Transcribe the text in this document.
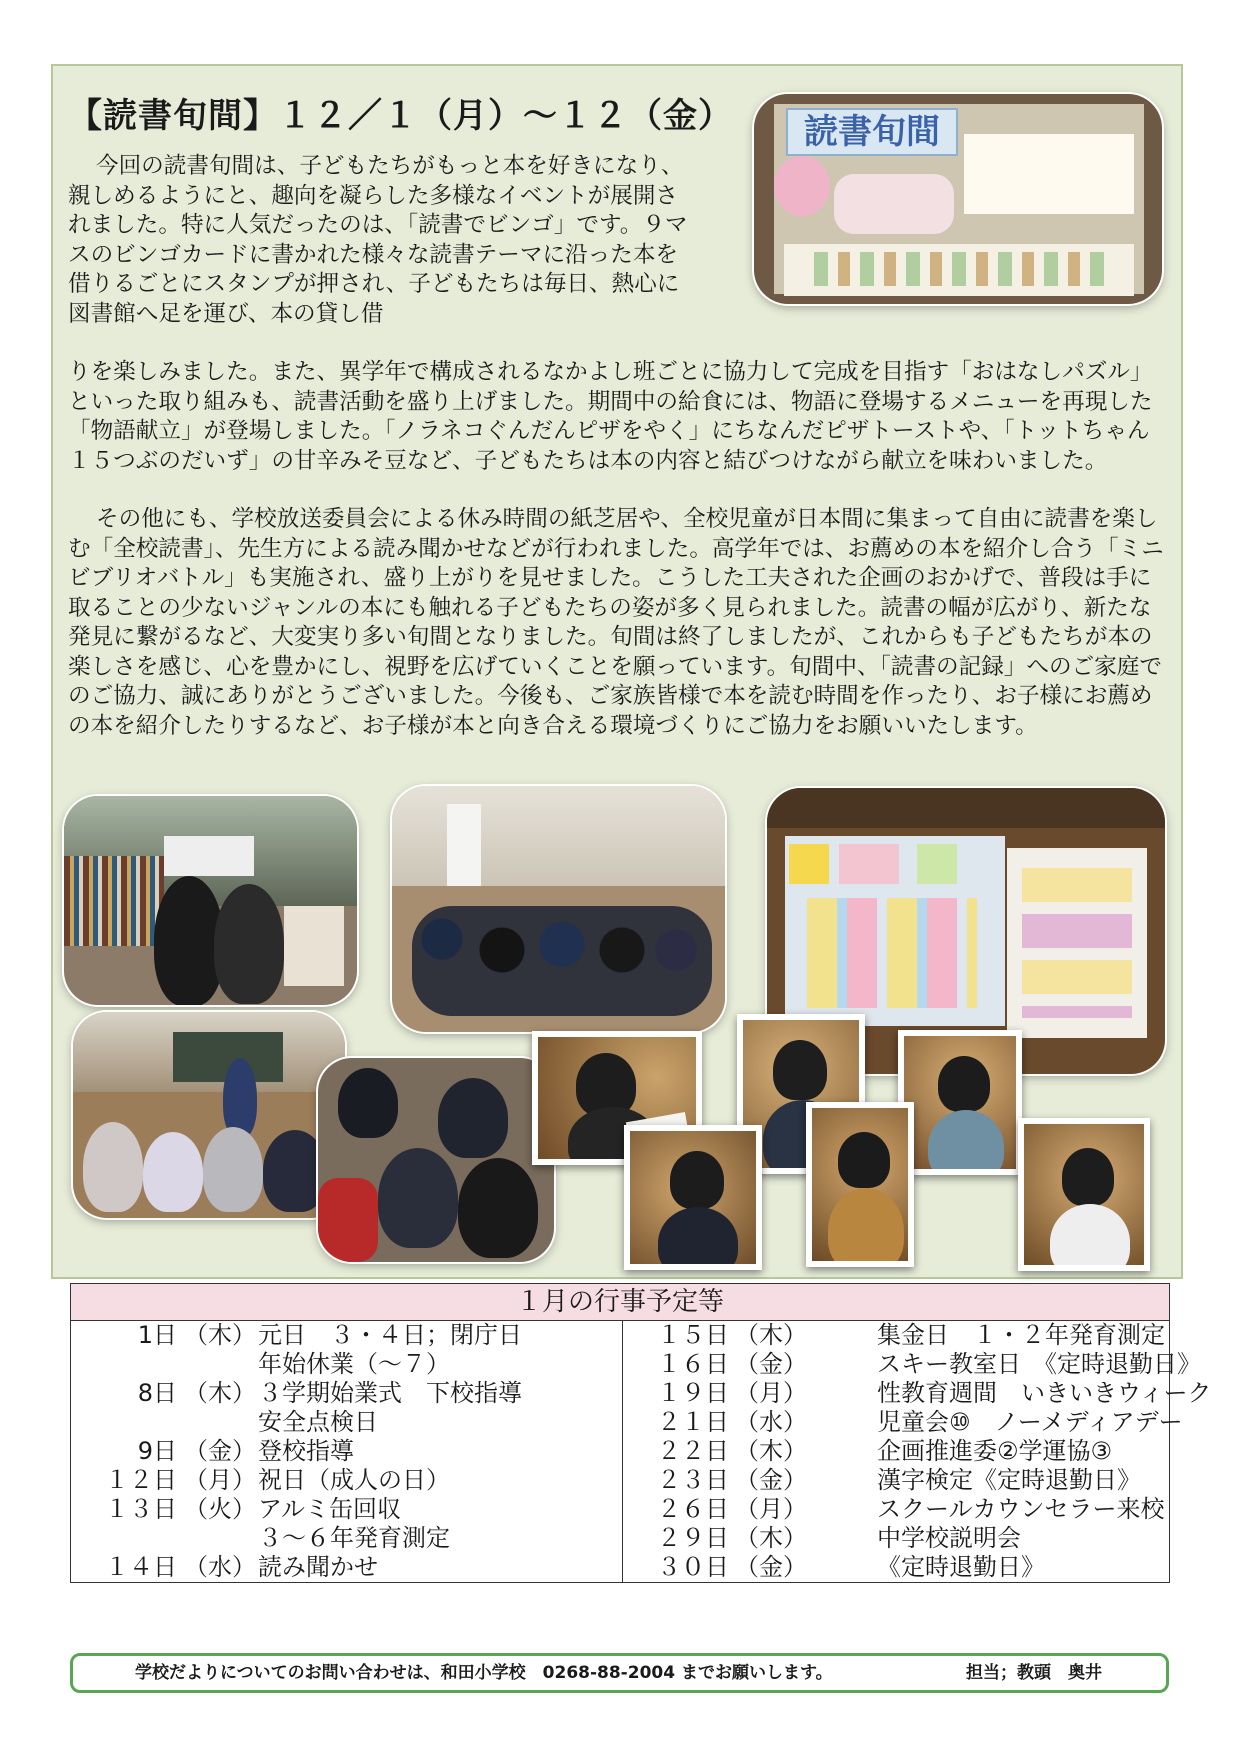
【読書旬間】１２／１（月）～１２（金）

今回の読書旬間は、子どもたちがもっと本を好きになり、親しめるようにと、趣向を凝らした多様なイベントが展開されました。特に人気だったのは、「読書でビンゴ」です。９マスのビンゴカードに書かれた様々な読書テーマに沿った本を借りるごとにスタンプが押され、子どもたちは毎日、熱心に図書館へ足を運び、本の貸し借

りを楽しみました。また、異学年で構成されるなかよし班ごとに協力して完成を目指す「おはなしパズル」といった取り組みも、読書活動を盛り上げました。期間中の給食には、物語に登場するメニューを再現した「物語献立」が登場しました。「ノラネコぐんだんピザをやく」にちなんだピザトーストや、「トットちゃん１５つぶのだいず」の甘辛みそ豆など、子どもたちは本の内容と結びつけながら献立を味わいました。

その他にも、学校放送委員会による休み時間の紙芝居や、全校児童が日本間に集まって自由に読書を楽しむ「全校読書」、先生方による読み聞かせなどが行われました。高学年では、お薦めの本を紹介し合う「ミニビブリオバトル」も実施され、盛り上がりを見せました。こうした工夫された企画のおかげで、普段は手に取ることの少ないジャンルの本にも触れる子どもたちの姿が多く見られました。読書の幅が広がり、新たな発見に繋がるなど、大変実り多い旬間となりました。旬間は終了しましたが、これからも子どもたちが本の楽しさを感じ、心を豊かにし、視野を広げていくことを願っています。旬間中、「読書の記録」へのご家庭でのご協力、誠にありがとうございました。今後も、ご家族皆様で本を読む時間を作ったり、お子様にお薦めの本を紹介したりするなど、お子様が本と向き合える環境づくりにご協力をお願いいたします。

読書旬間
１月の行事予定等
1日 （木） 元日　３・４日；閉庁日
年始休業（～７）
8日 （木） ３学期始業式　下校指導
安全点検日
9日 （金） 登校指導
１２日 （月） 祝日（成人の日）
１３日 （火） アルミ缶回収
３～６年発育測定
１４日 （水） 読み聞かせ
１５日 （木）	集金日　１・２年発育測定
１６日 （金）	スキー教室日　《定時退勤日》
１９日 （月）	性教育週間　いきいきウィーク
２１日 （水）	児童会⑩　ノーメディアデー
２２日 （木）	企画推進委②学運協③
２３日 （金）	漢字検定《定時退勤日》
２６日 （月）	スクールカウンセラー来校
２９日 （木）	中学校説明会
３０日 （金）	《定時退勤日》
学校だよりについてのお問い合わせは、和田小学校　0268-88-2004 までお願いします。	担当；教頭　奥井
